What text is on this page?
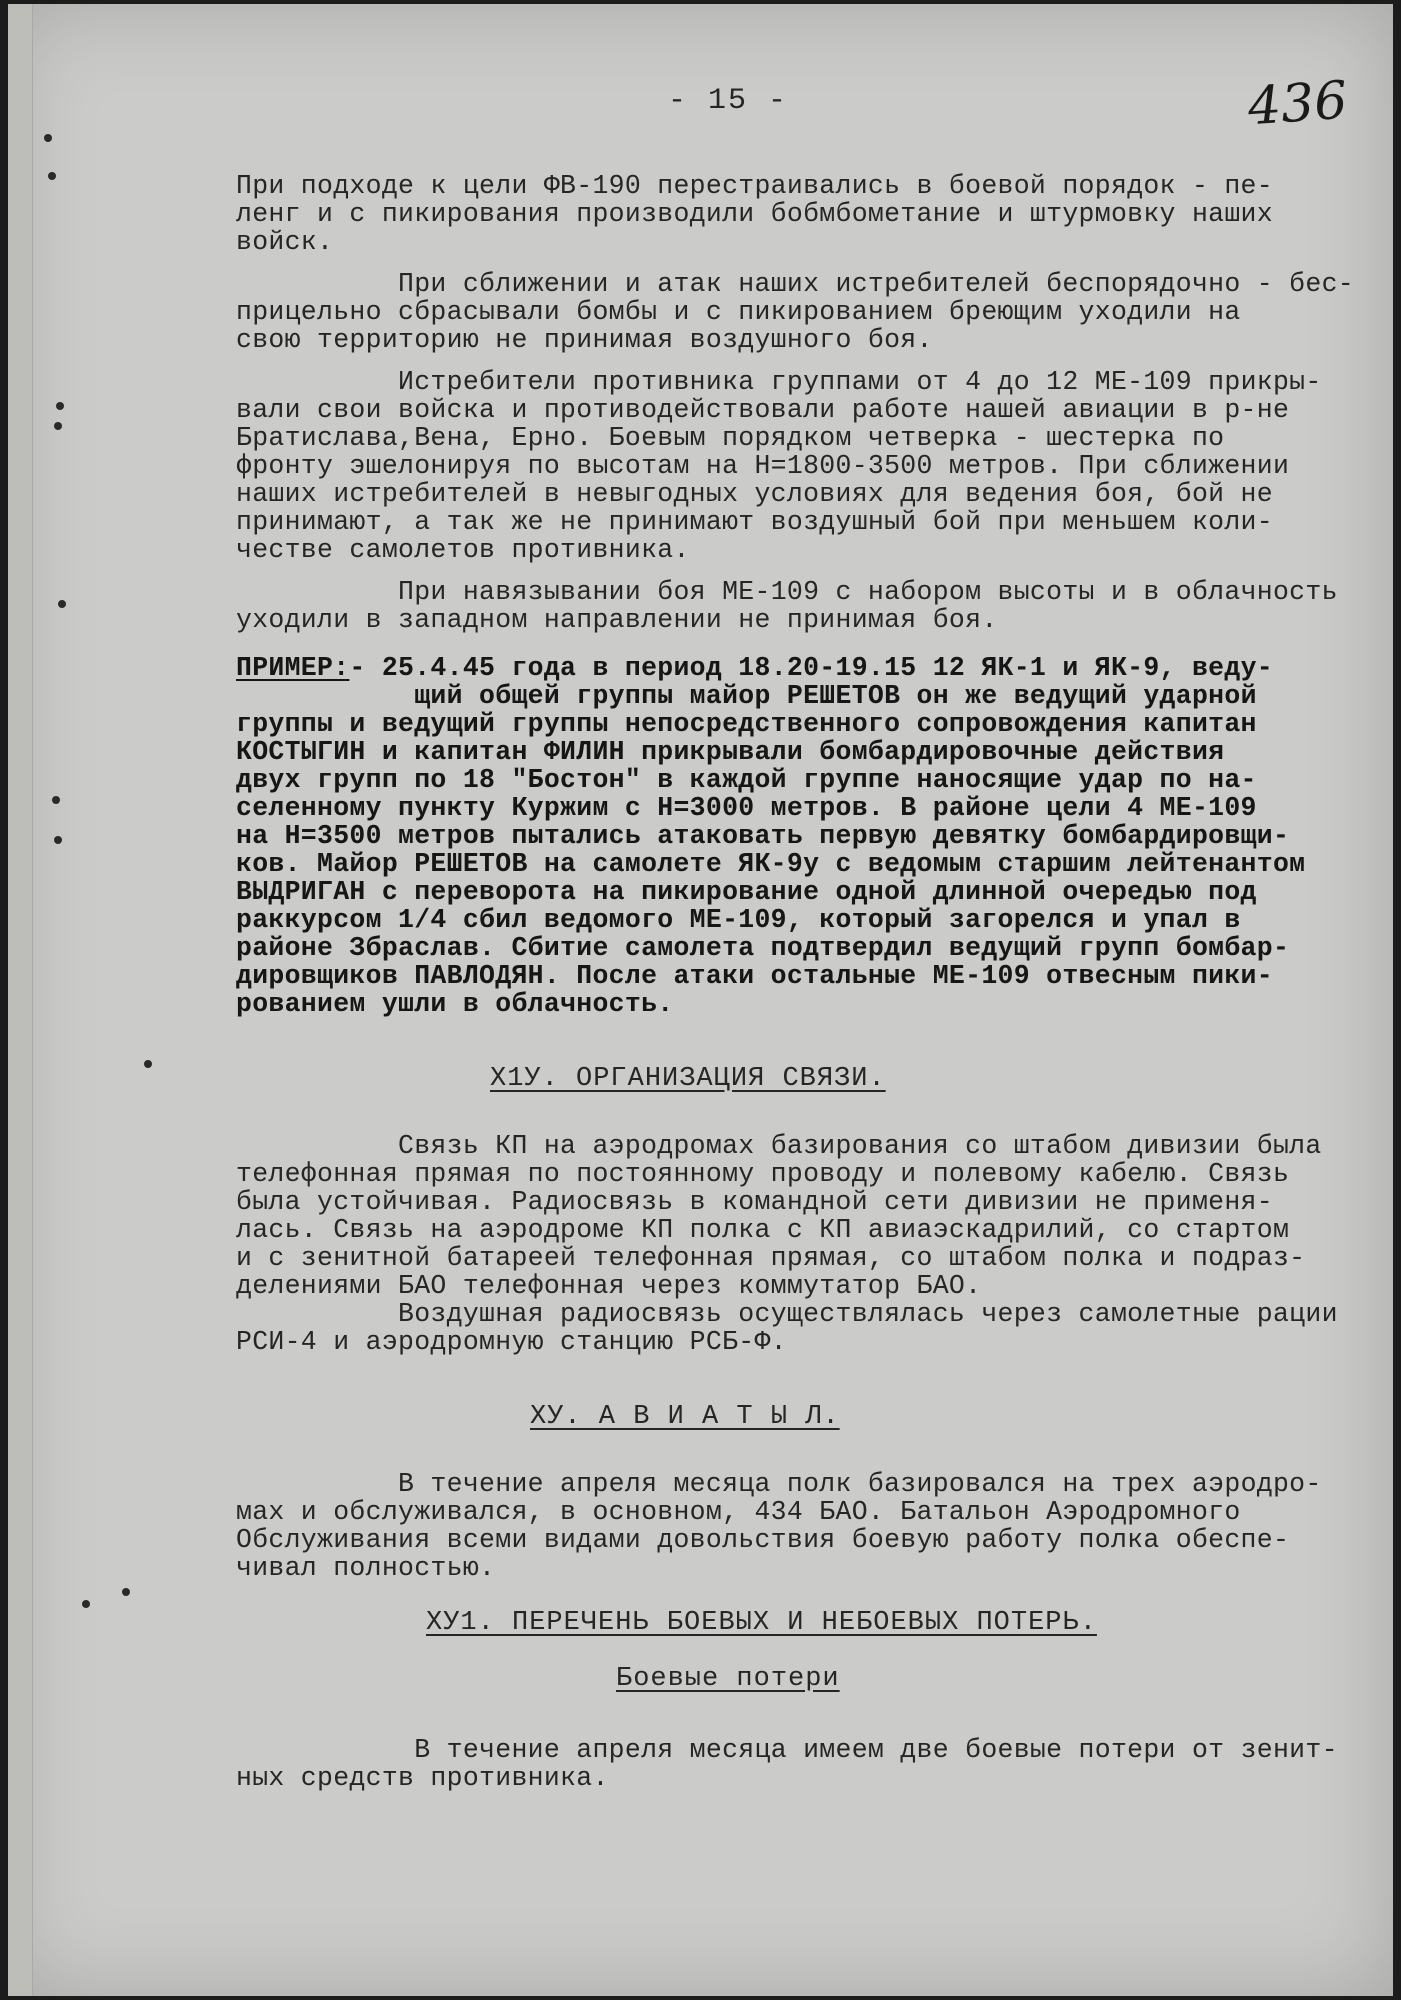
- 15 -	436

При подходе к цели ФВ-190 перестраивались в боевой порядок - пе-
ленг и с пикирования производили бобмбометание и штурмовку наших
войск.

При сближении и атак наших истребителей беспорядочно - бес-
прицельно сбрасывали бомбы и с пикированием бреющим уходили на
свою территорию не принимая воздушного боя.

Истребители противника группами от 4 до 12 МЕ-109 прикры-
вали свои войска и противодействовали работе нашей авиации в р-не
Братислава,Вена, Ерно. Боевым порядком четверка - шестерка по
фронту эшелонируя по высотам на Н=1800-3500 метров. При сближении
наших истребителей в невыгодных условиях для ведения боя, бой не
принимают, а так же не принимают воздушный бой при меньшем коли-
честве самолетов противника.

При навязывании боя МЕ-109 с набором высоты и в облачность
уходили в западном направлении не принимая боя.

ПРИМЕР:- 25.4.45 года в период 18.20-19.15 12 ЯК-1 и ЯК-9, веду-
щий общей группы майор РЕШЕТОВ он же ведущий ударной
группы и ведущий группы непосредственного сопровождения капитан
КОСТЫГИН и капитан ФИЛИН прикрывали бомбардировочные действия
двух групп по 18 "Бостон" в каждой группе наносящие удар по на-
селенному пункту Куржим с Н=3000 метров. В районе цели 4 МЕ-109
на Н=3500 метров пытались атаковать первую девятку бомбардировщи-
ков. Майор РЕШЕТОВ на самолете ЯК-9у с ведомым старшим лейтенантом
ВЫДРИГАН с переворота на пикирование одной длинной очередью под
раккурсом 1/4 сбил ведомого МЕ-109, который загорелся и упал в
районе Збраслав. Сбитие самолета подтвердил ведущий групп бомбар-
дировщиков ПАВЛОДЯН. После атаки остальные МЕ-109 отвесным пики-
рованием ушли в облачность.

Х1У. ОРГАНИЗАЦИЯ СВЯЗИ.

Связь КП на аэродромах базирования со штабом дивизии была
телефонная прямая по постоянному проводу и полевому кабелю. Связь
была устойчивая. Радиосвязь в командной сети дивизии не применя-
лась. Связь на аэродроме КП полка с КП авиаэскадрилий, со стартом
и с зенитной батареей телефонная прямая, со штабом полка и подраз-
делениями БАО телефонная через коммутатор БАО.
Воздушная радиосвязь осуществлялась через самолетные рации
РСИ-4 и аэродромную станцию РСБ-Ф.

ХУ. А В И А Т Ы Л.

В течение апреля месяца полк базировался на трех аэродро-
мах и обслуживался, в основном, 434 БАО. Батальон Аэродромного
Обслуживания всеми видами довольствия боевую работу полка обеспе-
чивал полностью.

ХУ1. ПЕРЕЧЕНЬ БОЕВЫХ И НЕБОЕВЫХ ПОТЕРЬ.
Боевые потери

В течение апреля месяца имеем две боевые потери от зенит-
ных средств противника.
